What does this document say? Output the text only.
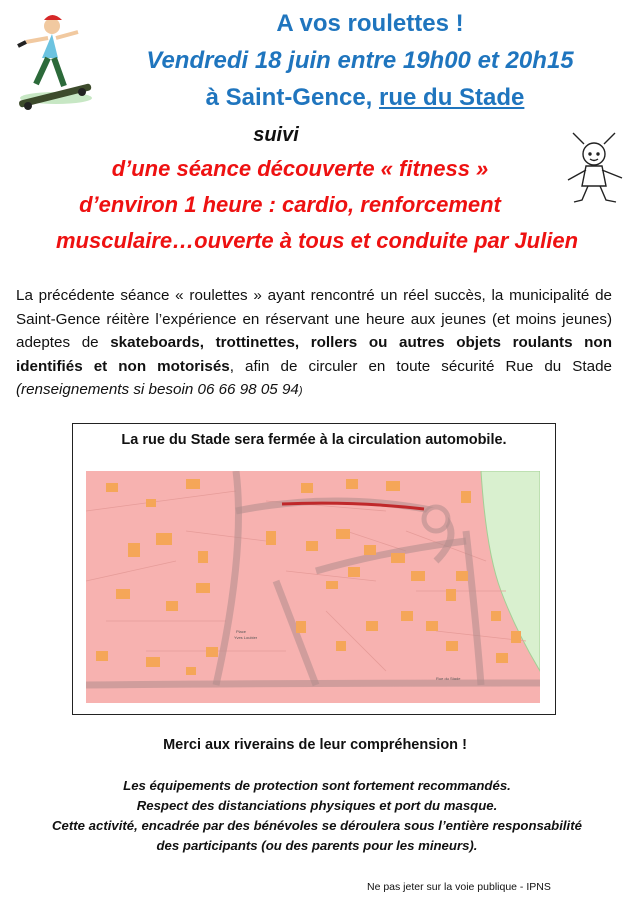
A vos roulettes !
Vendredi 18 juin entre 19h00 et 20h15
à Saint-Gence, rue du Stade
suivi
d’une séance découverte « fitness »
d’environ 1 heure : cardio, renforcement
musculaire…ouverte à tous et conduite par Julien
La précédente séance « roulettes » ayant rencontré un réel succès, la municipalité de Saint-Gence réitère l’expérience en réservant une heure aux jeunes (et moins jeunes) adeptes de skateboards, trottinettes, rollers ou autres objets roulants non identifiés et non motorisés, afin de circuler en toute sécurité Rue du Stade (renseignements si besoin 06 66 98 05 94)
La rue du Stade sera fermée à la circulation automobile.
Place
Yves Loubier
Rue du Stade
Merci aux riverains de leur compréhension !
Les équipements de protection sont fortement recommandés.
Respect des distanciations physiques et port du masque.
Cette activité, encadrée par des bénévoles se déroulera sous l’entière responsabilité
des participants (ou des parents pour les mineurs).
Ne pas jeter sur la voie publique - IPNS
